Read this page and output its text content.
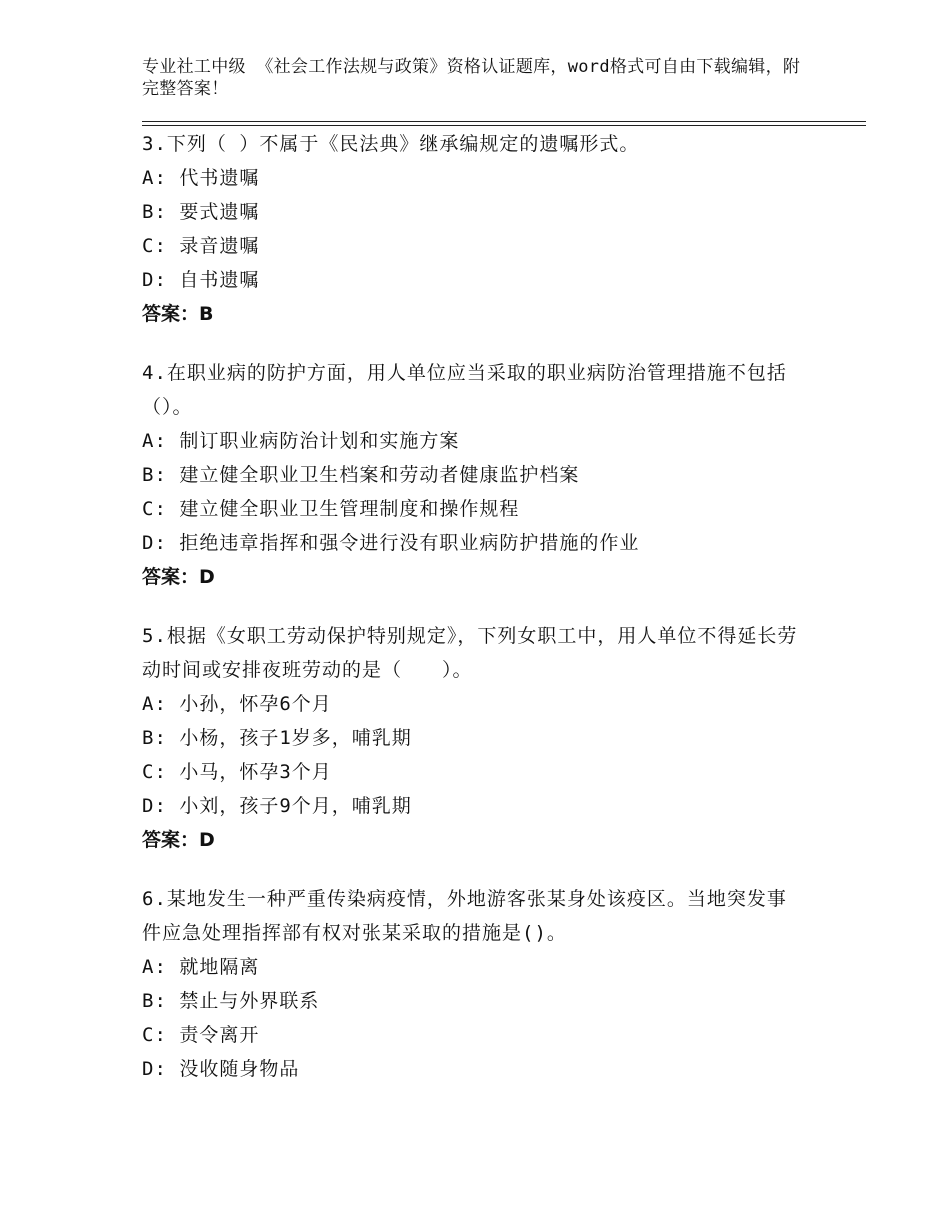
专业社工中级 《社会工作法规与政策》资格认证题库，word格式可自由下载编辑，附完整答案！
3.下列（ ）不属于《民法典》继承编规定的遗嘱形式。
A: 代书遗嘱
B: 要式遗嘱
C: 录音遗嘱
D: 自书遗嘱
答案：B
4.在职业病的防护方面，用人单位应当采取的职业病防治管理措施不包括（）。
A: 制订职业病防治计划和实施方案
B: 建立健全职业卫生档案和劳动者健康监护档案
C: 建立健全职业卫生管理制度和操作规程
D: 拒绝违章指挥和强令进行没有职业病防护措施的作业
答案：D
5.根据《女职工劳动保护特别规定》，下列女职工中，用人单位不得延长劳动时间或安排夜班劳动的是（　　）。
A: 小孙，怀孕6个月
B: 小杨，孩子1岁多，哺乳期
C: 小马，怀孕3个月
D: 小刘，孩子9个月，哺乳期
答案：D
6.某地发生一种严重传染病疫情，外地游客张某身处该疫区。当地突发事件应急处理指挥部有权对张某采取的措施是()。
A: 就地隔离
B: 禁止与外界联系
C: 责令离开
D: 没收随身物品
